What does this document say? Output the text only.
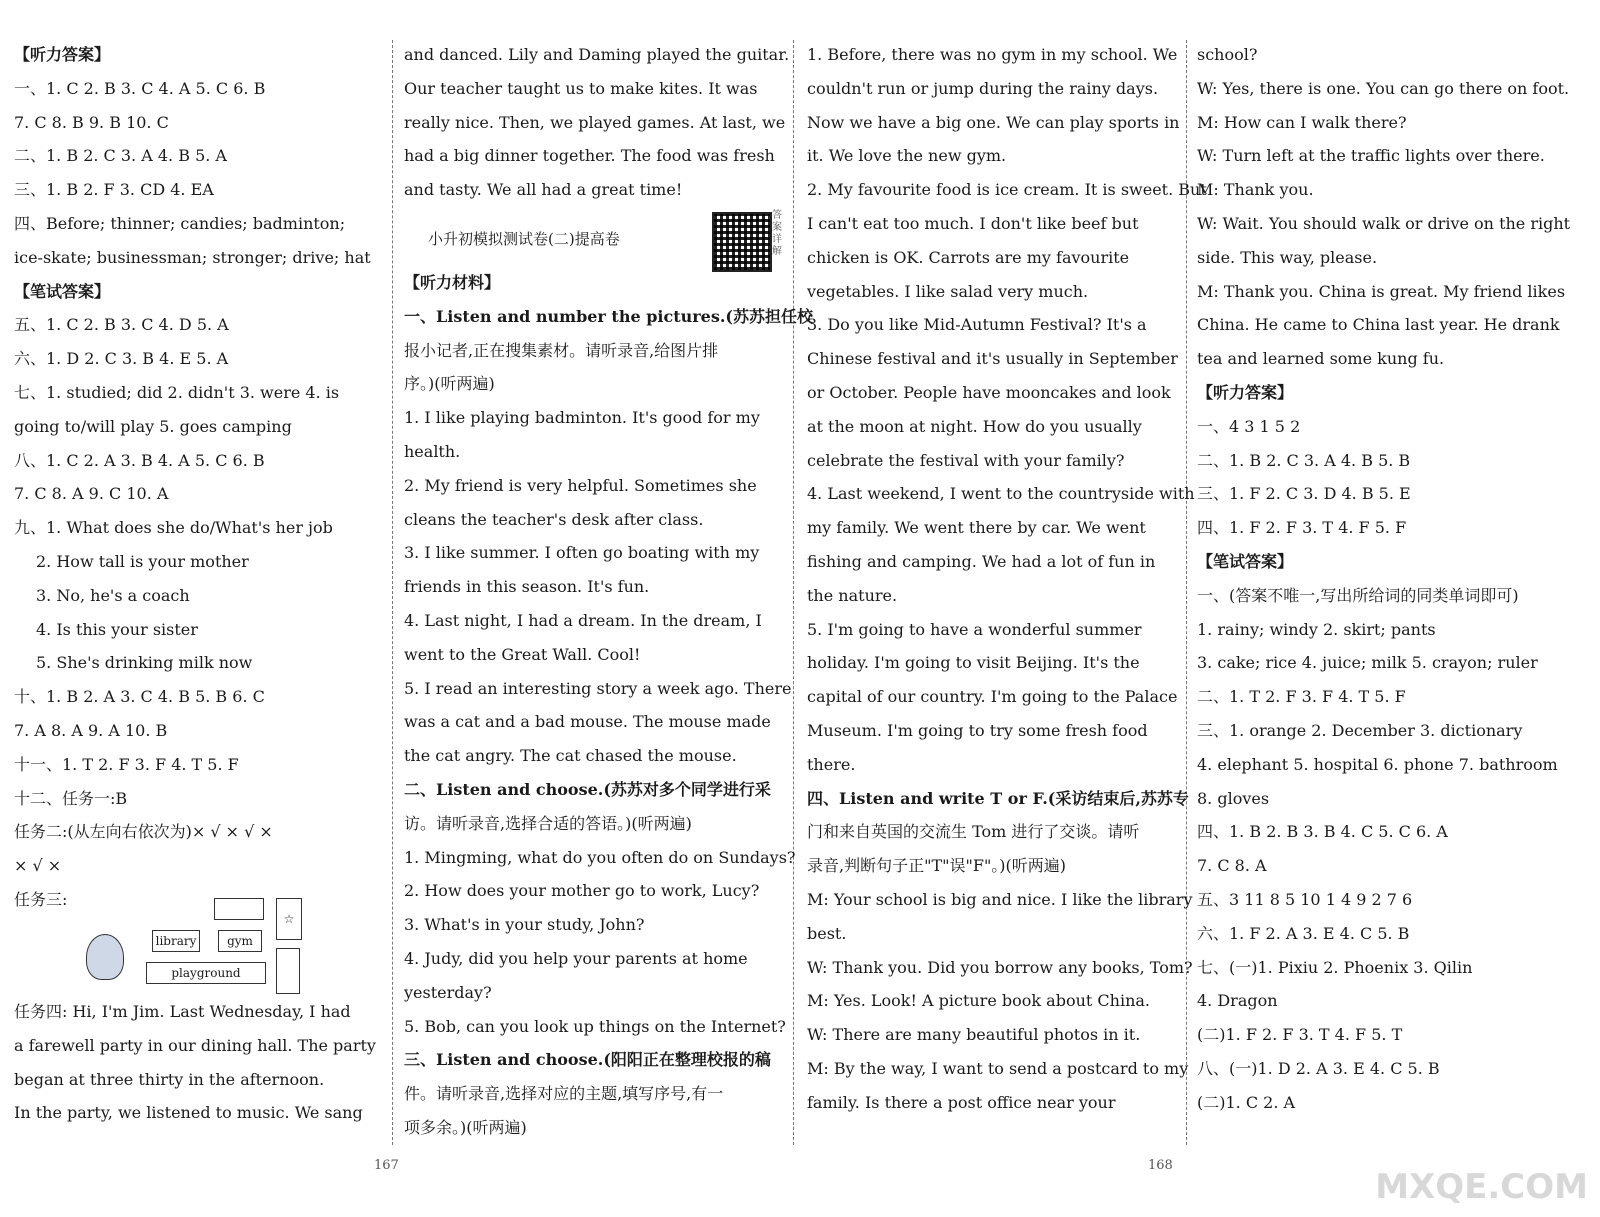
【听力答案】
一、1. C 2. B 3. C 4. A 5. C 6. B
7. C 8. B 9. B 10. C
二、1. B 2. C 3. A 4. B 5. A
三、1. B 2. F 3. CD 4. EA
四、Before; thinner; candies; badminton;
ice-skate; businessman; stronger; drive; hat
【笔试答案】
五、1. C 2. B 3. C 4. D 5. A
六、1. D 2. C 3. B 4. E 5. A
七、1. studied; did 2. didn't 3. were 4. is
going to/will play 5. goes camping
八、1. C 2. A 3. B 4. A 5. C 6. B
7. C 8. A 9. C 10. A
九、1. What does she do/What's her job
2. How tall is your mother
3. No, he's a coach
4. Is this your sister
5. She's drinking milk now
十、1. B 2. A 3. C 4. B 5. B 6. C
7. A 8. A 9. A 10. B
十一、1. T 2. F 3. F 4. T 5. F
十二、任务一:B
任务二:(从左向右依次为)× √ × √ ×
× √ ×
任务三:
☆
library	gym
playground
任务四: Hi, I'm Jim. Last Wednesday, I had
a farewell party in our dining hall. The party
began at three thirty in the afternoon.
In the party, we listened to music. We sang
and danced. Lily and Daming played the guitar.
Our teacher taught us to make kites. It was
really nice. Then, we played games. At last, we
had a big dinner together. The food was fresh
and tasty. We all had a great time!
小升初模拟测试卷(二)提高卷
答案详解
【听力材料】
一、Listen and number the pictures.(苏苏担任校
报小记者,正在搜集素材。请听录音,给图片排
序。)(听两遍)
1. I like playing badminton. It's good for my
health.
2. My friend is very helpful. Sometimes she
cleans the teacher's desk after class.
3. I like summer. I often go boating with my
friends in this season. It's fun.
4. Last night, I had a dream. In the dream, I
went to the Great Wall. Cool!
5. I read an interesting story a week ago. There
was a cat and a bad mouse. The mouse made
the cat angry. The cat chased the mouse.
二、Listen and choose.(苏苏对多个同学进行采
访。请听录音,选择合适的答语。)(听两遍)
1. Mingming, what do you often do on Sundays?
2. How does your mother go to work, Lucy?
3. What's in your study, John?
4. Judy, did you help your parents at home
yesterday?
5. Bob, can you look up things on the Internet?
三、Listen and choose.(阳阳正在整理校报的稿
件。请听录音,选择对应的主题,填写序号,有一
项多余。)(听两遍)
1. Before, there was no gym in my school. We
couldn't run or jump during the rainy days.
Now we have a big one. We can play sports in
it. We love the new gym.
2. My favourite food is ice cream. It is sweet. But
I can't eat too much. I don't like beef but
chicken is OK. Carrots are my favourite
vegetables. I like salad very much.
3. Do you like Mid-Autumn Festival? It's a
Chinese festival and it's usually in September
or October. People have mooncakes and look
at the moon at night. How do you usually
celebrate the festival with your family?
4. Last weekend, I went to the countryside with
my family. We went there by car. We went
fishing and camping. We had a lot of fun in
the nature.
5. I'm going to have a wonderful summer
holiday. I'm going to visit Beijing. It's the
capital of our country. I'm going to the Palace
Museum. I'm going to try some fresh food
there.
四、Listen and write T or F.(采访结束后,苏苏专
门和来自英国的交流生 Tom 进行了交谈。请听
录音,判断句子正"T"误"F"。)(听两遍)
M: Your school is big and nice. I like the library
best.
W: Thank you. Did you borrow any books, Tom?
M: Yes. Look! A picture book about China.
W: There are many beautiful photos in it.
M: By the way, I want to send a postcard to my
family. Is there a post office near your
school?
W: Yes, there is one. You can go there on foot.
M: How can I walk there?
W: Turn left at the traffic lights over there.
M: Thank you.
W: Wait. You should walk or drive on the right
side. This way, please.
M: Thank you. China is great. My friend likes
China. He came to China last year. He drank
tea and learned some kung fu.
【听力答案】
一、4 3 1 5 2
二、1. B 2. C 3. A 4. B 5. B
三、1. F 2. C 3. D 4. B 5. E
四、1. F 2. F 3. T 4. F 5. F
【笔试答案】
一、(答案不唯一,写出所给词的同类单词即可)
1. rainy; windy 2. skirt; pants
3. cake; rice 4. juice; milk 5. crayon; ruler
二、1. T 2. F 3. F 4. T 5. F
三、1. orange 2. December 3. dictionary
4. elephant 5. hospital 6. phone 7. bathroom
8. gloves
四、1. B 2. B 3. B 4. C 5. C 6. A
7. C 8. A
五、3 11 8 5 10 1 4 9 2 7 6
六、1. F 2. A 3. E 4. C 5. B
七、(一)1. Pixiu 2. Phoenix 3. Qilin
4. Dragon
(二)1. F 2. F 3. T 4. F 5. T
八、(一)1. D 2. A 3. E 4. C 5. B
(二)1. C 2. A
167	168
MXQE.COM
